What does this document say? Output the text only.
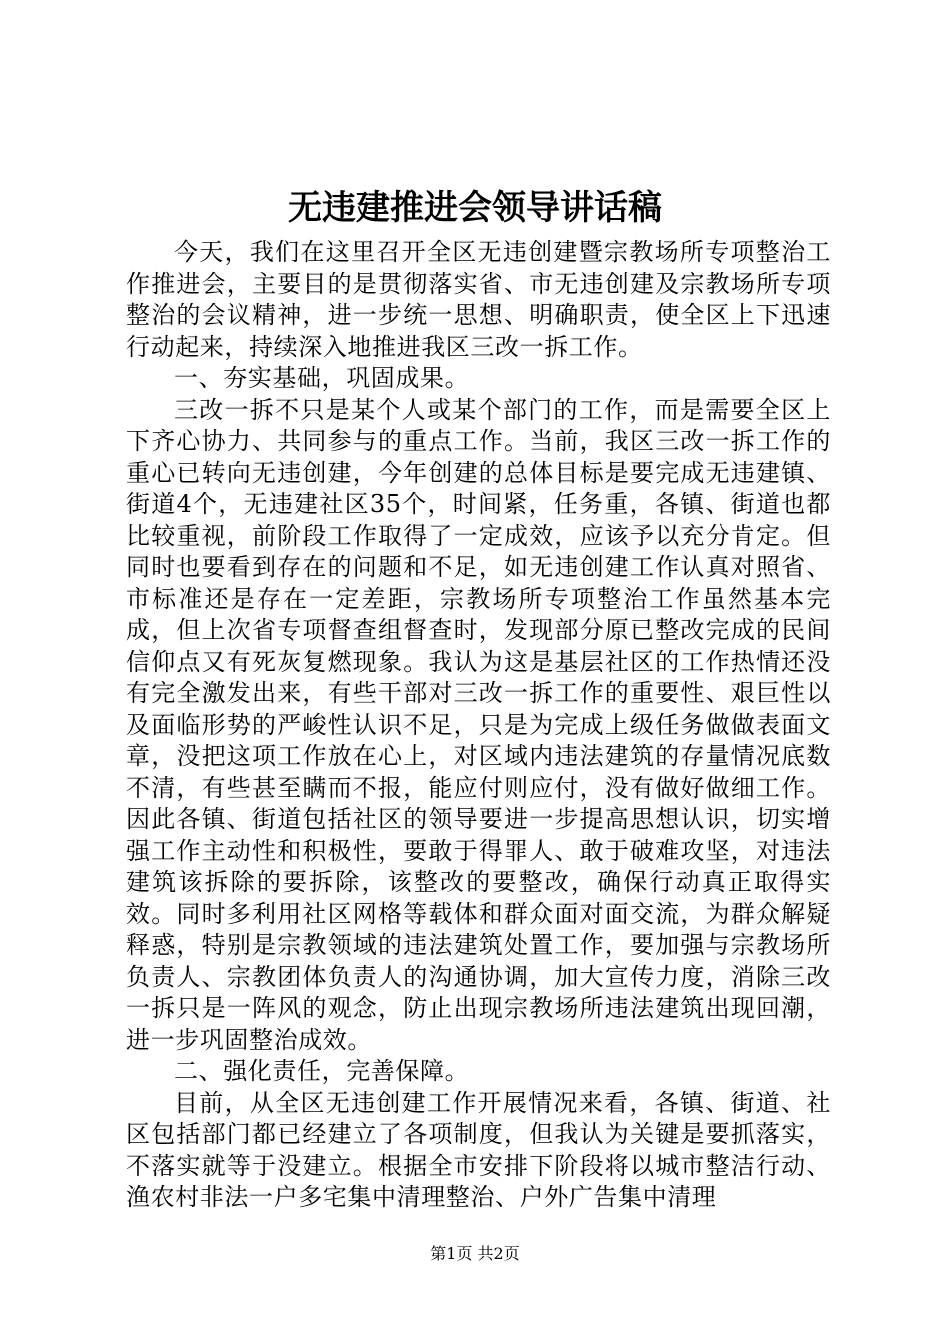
无违建推进会领导讲话稿

今天，我们在这里召开全区无违创建暨宗教场所专项整治工作推进会，主要目的是贯彻落实省、市无违创建及宗教场所专项整治的会议精神，进一步统一思想、明确职责，使全区上下迅速行动起来，持续深入地推进我区三改一拆工作。

一、夯实基础，巩固成果。

三改一拆不只是某个人或某个部门的工作，而是需要全区上下齐心协力、共同参与的重点工作。当前，我区三改一拆工作的重心已转向无违创建，今年创建的总体目标是要完成无违建镇、街道4个，无违建社区35个，时间紧，任务重，各镇、街道也都比较重视，前阶段工作取得了一定成效，应该予以充分肯定。但同时也要看到存在的问题和不足，如无违创建工作认真对照省、市标准还是存在一定差距，宗教场所专项整治工作虽然基本完成，但上次省专项督查组督查时，发现部分原已整改完成的民间信仰点又有死灰复燃现象。我认为这是基层社区的工作热情还没有完全激发出来，有些干部对三改一拆工作的重要性、艰巨性以及面临形势的严峻性认识不足，只是为完成上级任务做做表面文章，没把这项工作放在心上，对区域内违法建筑的存量情况底数不清，有些甚至瞒而不报，能应付则应付，没有做好做细工作。因此各镇、街道包括社区的领导要进一步提高思想认识，切实增强工作主动性和积极性，要敢于得罪人、敢于破难攻坚，对违法建筑该拆除的要拆除，该整改的要整改，确保行动真正取得实效。同时多利用社区网格等载体和群众面对面交流，为群众解疑释惑，特别是宗教领域的违法建筑处置工作，要加强与宗教场所负责人、宗教团体负责人的沟通协调，加大宣传力度，消除三改一拆只是一阵风的观念，防止出现宗教场所违法建筑出现回潮，进一步巩固整治成效。

二、强化责任，完善保障。

目前，从全区无违创建工作开展情况来看，各镇、街道、社区包括部门都已经建立了各项制度，但我认为关键是要抓落实，不落实就等于没建立。根据全市安排下阶段将以城市整洁行动、渔农村非法一户多宅集中清理整治、户外广告集中清理

第1页 共2页
